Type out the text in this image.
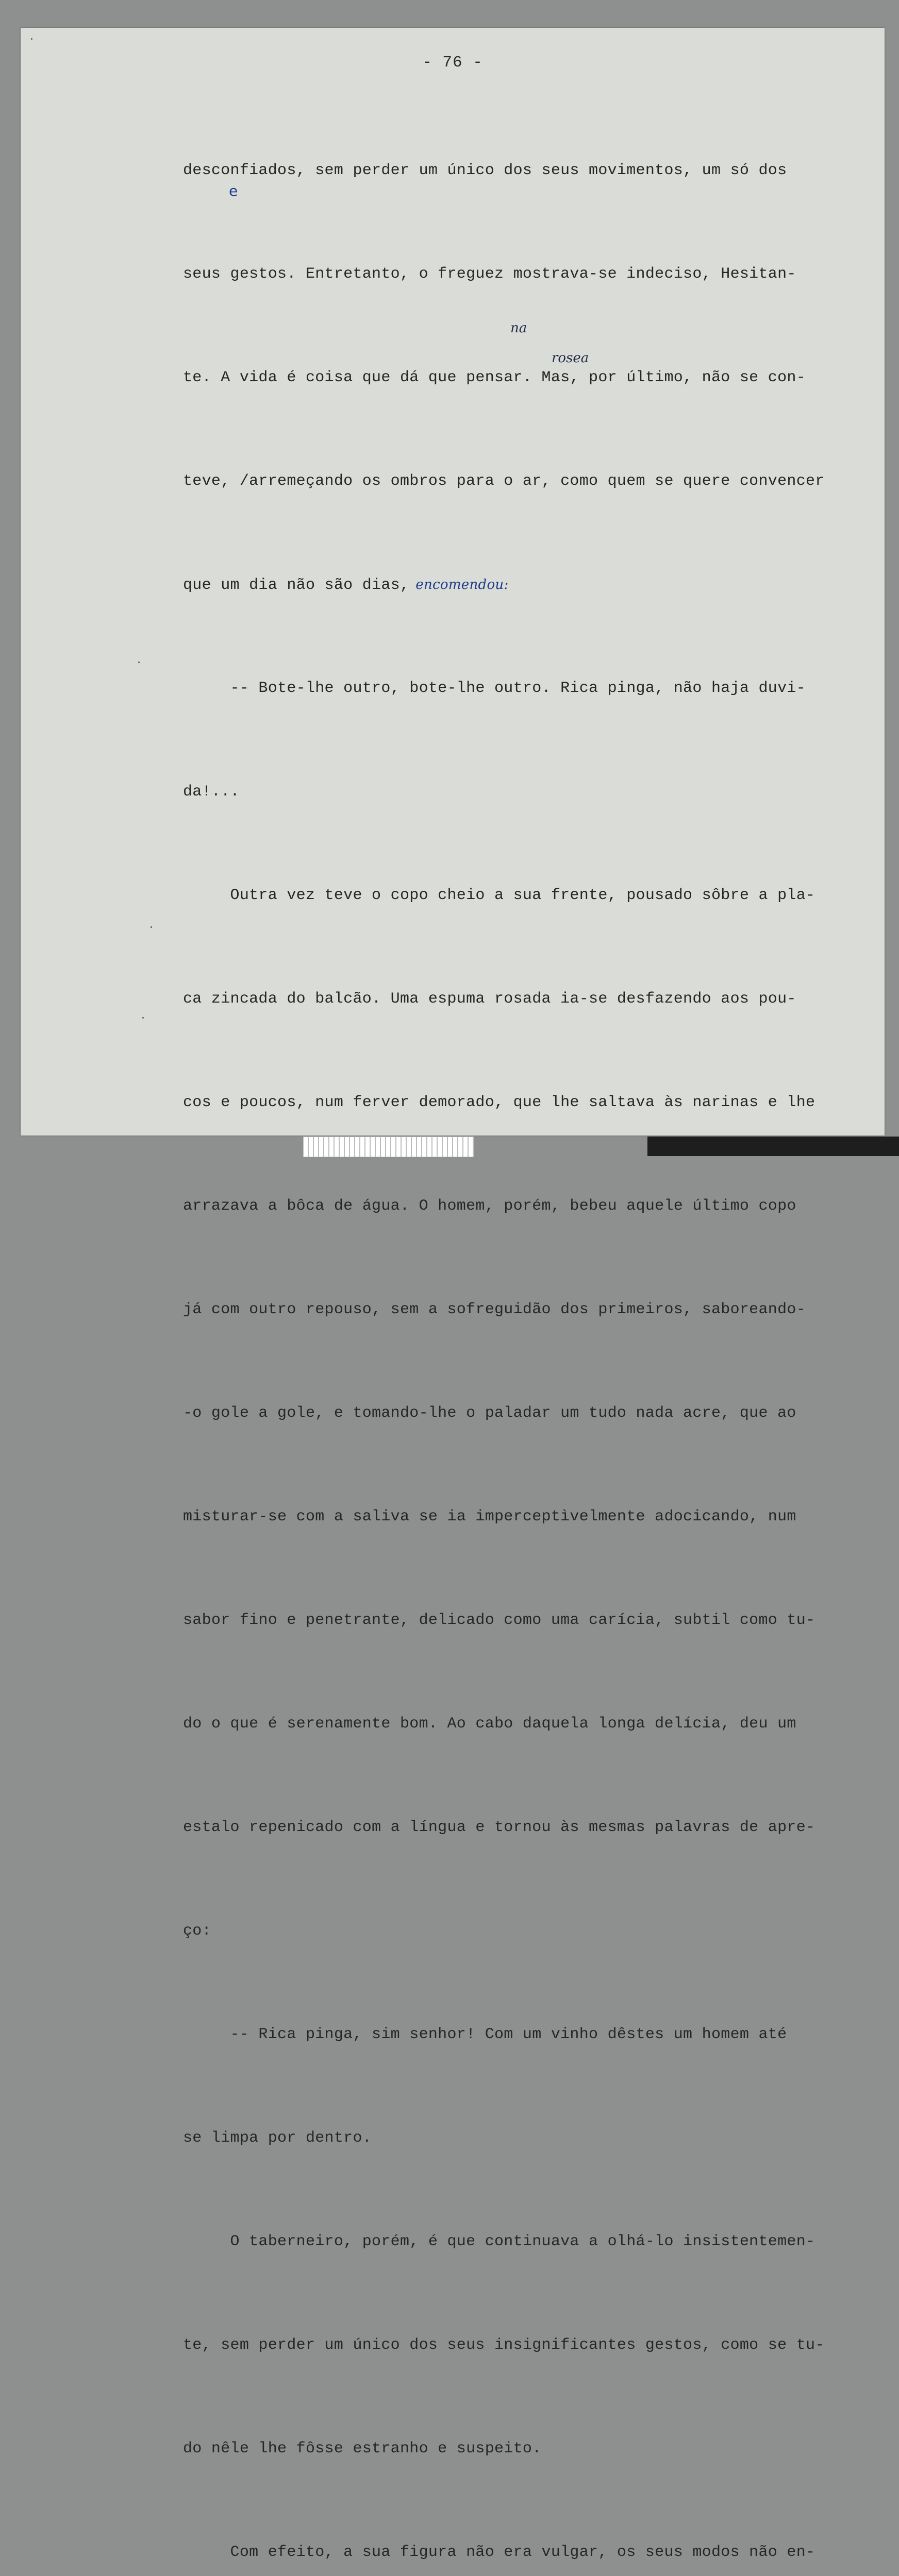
- 76 -

desconfiados, sem perder um único dos seus movimentos, um só dos

seus gestos. Entretanto, o freguez mostrava-se indeciso, Hesitan-

te. A vida é coisa que dá que pensar. Mas, por último, não se con-

teve, /arremeçando os ombros para o ar, como quem se quere convencer

que um dia não são dias, encomendou:

-- Bote-lhe outro, bote-lhe outro. Rica pinga, não haja duvi-

da!...

Outra vez teve o copo cheio a sua frente, pousado sôbre a pla-

ca zincada do balcão. Uma espuma rosada ia-se desfazendo aos pou-

cos e poucos, num ferver demorado, que lhe saltava às narinas e lhe

arrazava a bôca de água. O homem, porém, bebeu aquele último copo

já com outro repouso, sem a sofreguidão dos primeiros, saboreando-

-o gole a gole, e tomando-lhe o paladar um tudo nada acre, que ao

misturar-se com a saliva se ia imperceptìvelmente adocicando, num

sabor fino e penetrante, delicado como uma carícia, subtil como tu-

do o que é serenamente bom. Ao cabo daquela longa delícia, deu um

estalo repenicado com a língua e tornou às mesmas palavras de apre-

ço:

-- Rica pinga, sim senhor! Com um vinho dêstes um homem até

se limpa por dentro.

O taberneiro, porém, é que continuava a olhá-lo insistentemen-

te, sem perder um único dos seus insignificantes gestos, como se tu-

do nêle lhe fôsse estranho e suspeito.

Com efeito, a sua figura não era vulgar, os seus modos não en-

e
na
rosea
